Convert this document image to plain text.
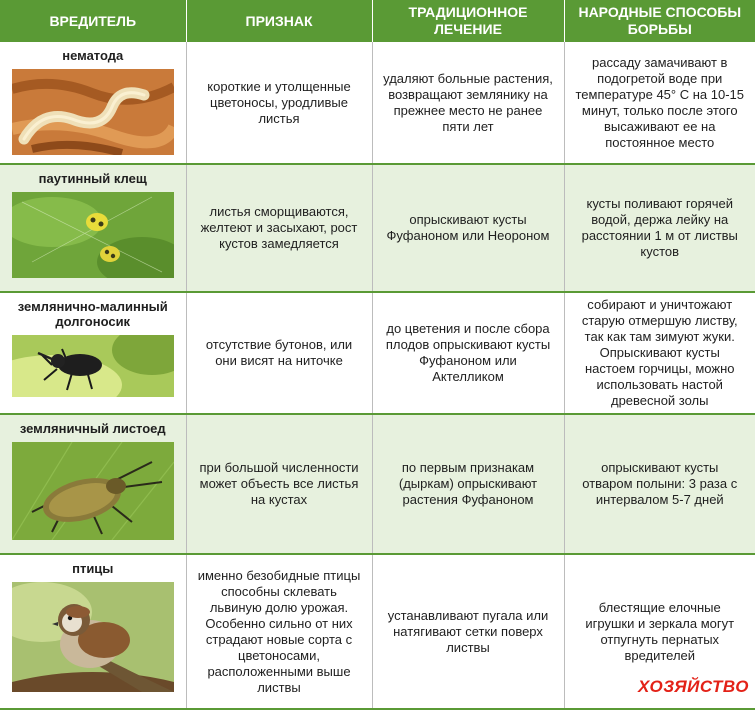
ВРЕДИТЕЛЬ	ПРИЗНАК	ТРАДИЦИОННОЕ ЛЕЧЕНИЕ	НАРОДНЫЕ СПОСОБЫ БОРЬБЫ

нематода	короткие и утолщенные цветоносы, уродливые листья	удаляют больные растения, возвращают землянику на прежнее место не ранее пяти лет	рассаду замачивают в подогретой воде при температуре 45° С на 10-15 минут, только после этого высаживают ее на постоянное место

паутинный клещ	листья сморщиваются, желтеют и засыхают, рост кустов замедляется	опрыскивают кусты Фуфаноном или Неороном	кусты поливают горячей водой, держа лейку на расстоянии 1 м от листвы кустов

землянично-малинный долгоносик	отсутствие бутонов, или они висят на ниточке	до цветения и после сбора плодов опрыскивают кусты Фуфаноном или Актелликом	собирают и уничтожают старую отмершую листву, так как там зимуют жуки. Опрыскивают кусты настоем горчицы, можно использовать настой древесной золы

земляничный листоед	при большой численности может объесть все листья на кустах	по первым признакам (дыркам) опрыскивают растения Фуфаноном	опрыскивают кусты отваром полыни: 3 раза с интервалом 5-7 дней

птицы	именно безобидные птицы способны склевать львиную долю урожая. Особенно сильно от них страдают новые сорта с цветоносами, расположенными выше листвы	устанавливают пугала или натягивают сетки поверх листвы	блестящие елочные игрушки и зеркала могут отпугнуть пернатых вредителей
ХОЗЯЙСТВО
